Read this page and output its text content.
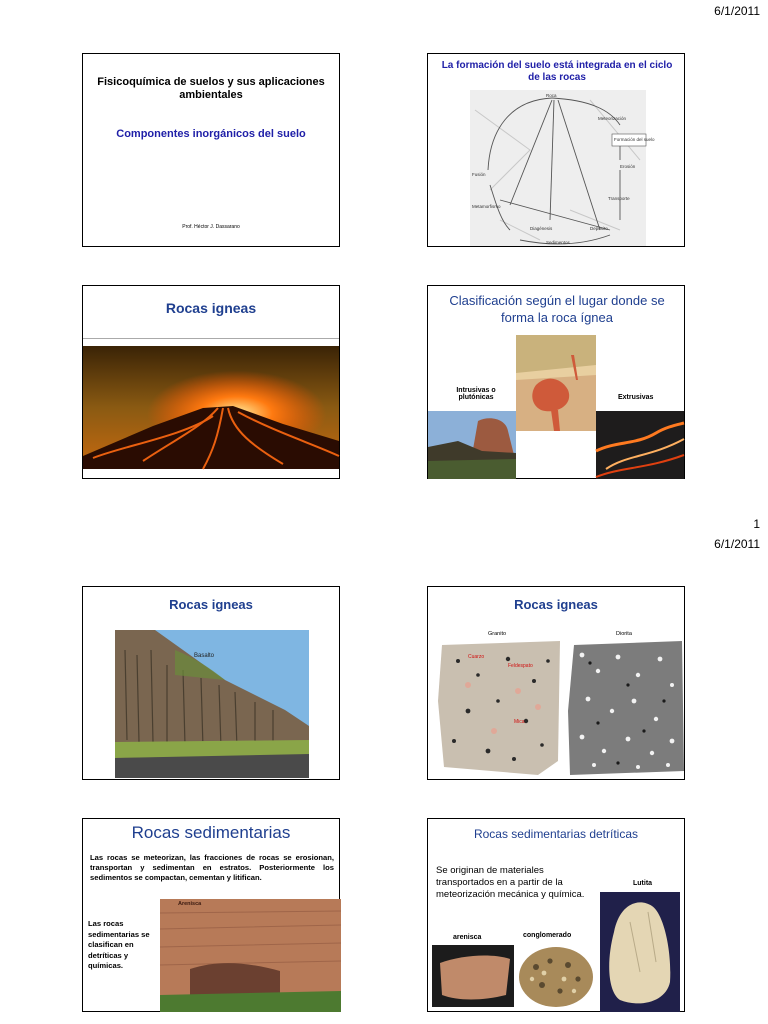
6/1/2011
1
6/1/2011
Fisicoquímica de suelos y sus aplicaciones ambientales
Componentes inorgánicos del suelo
Prof. Héctor J. Dassarano
La formación del suelo está integrada en el ciclo de las rocas
Roca
Meteorización
Formación del suelo
Erosión
Fusión
Metamorfismo
Transporte
Depósito
Diagénesis
Sedimentos
Rocas igneas	Clasificación según el lugar donde se forma la roca ígnea
Intrusivas o plutónicas	Extrusivas
Rocas igneas
Basalto
Rocas igneas
Granito	Diorita
Cuarzo
Feldespato
Mica
Rocas sedimentarias
Las rocas se meteorizan, las fracciones de rocas se erosionan, transportan y sedimentan en estratos. Posteriormente los sedimentos se compactan, cementan y litifican.
Las rocas sedimentarias se clasifican en detríticas y químicas.
Arenisca
Rocas sedimentarias detríticas
Se originan de materiales transportados en a partir de la meteorización mecánica y química.
Lutita
arenisca	conglomerado
